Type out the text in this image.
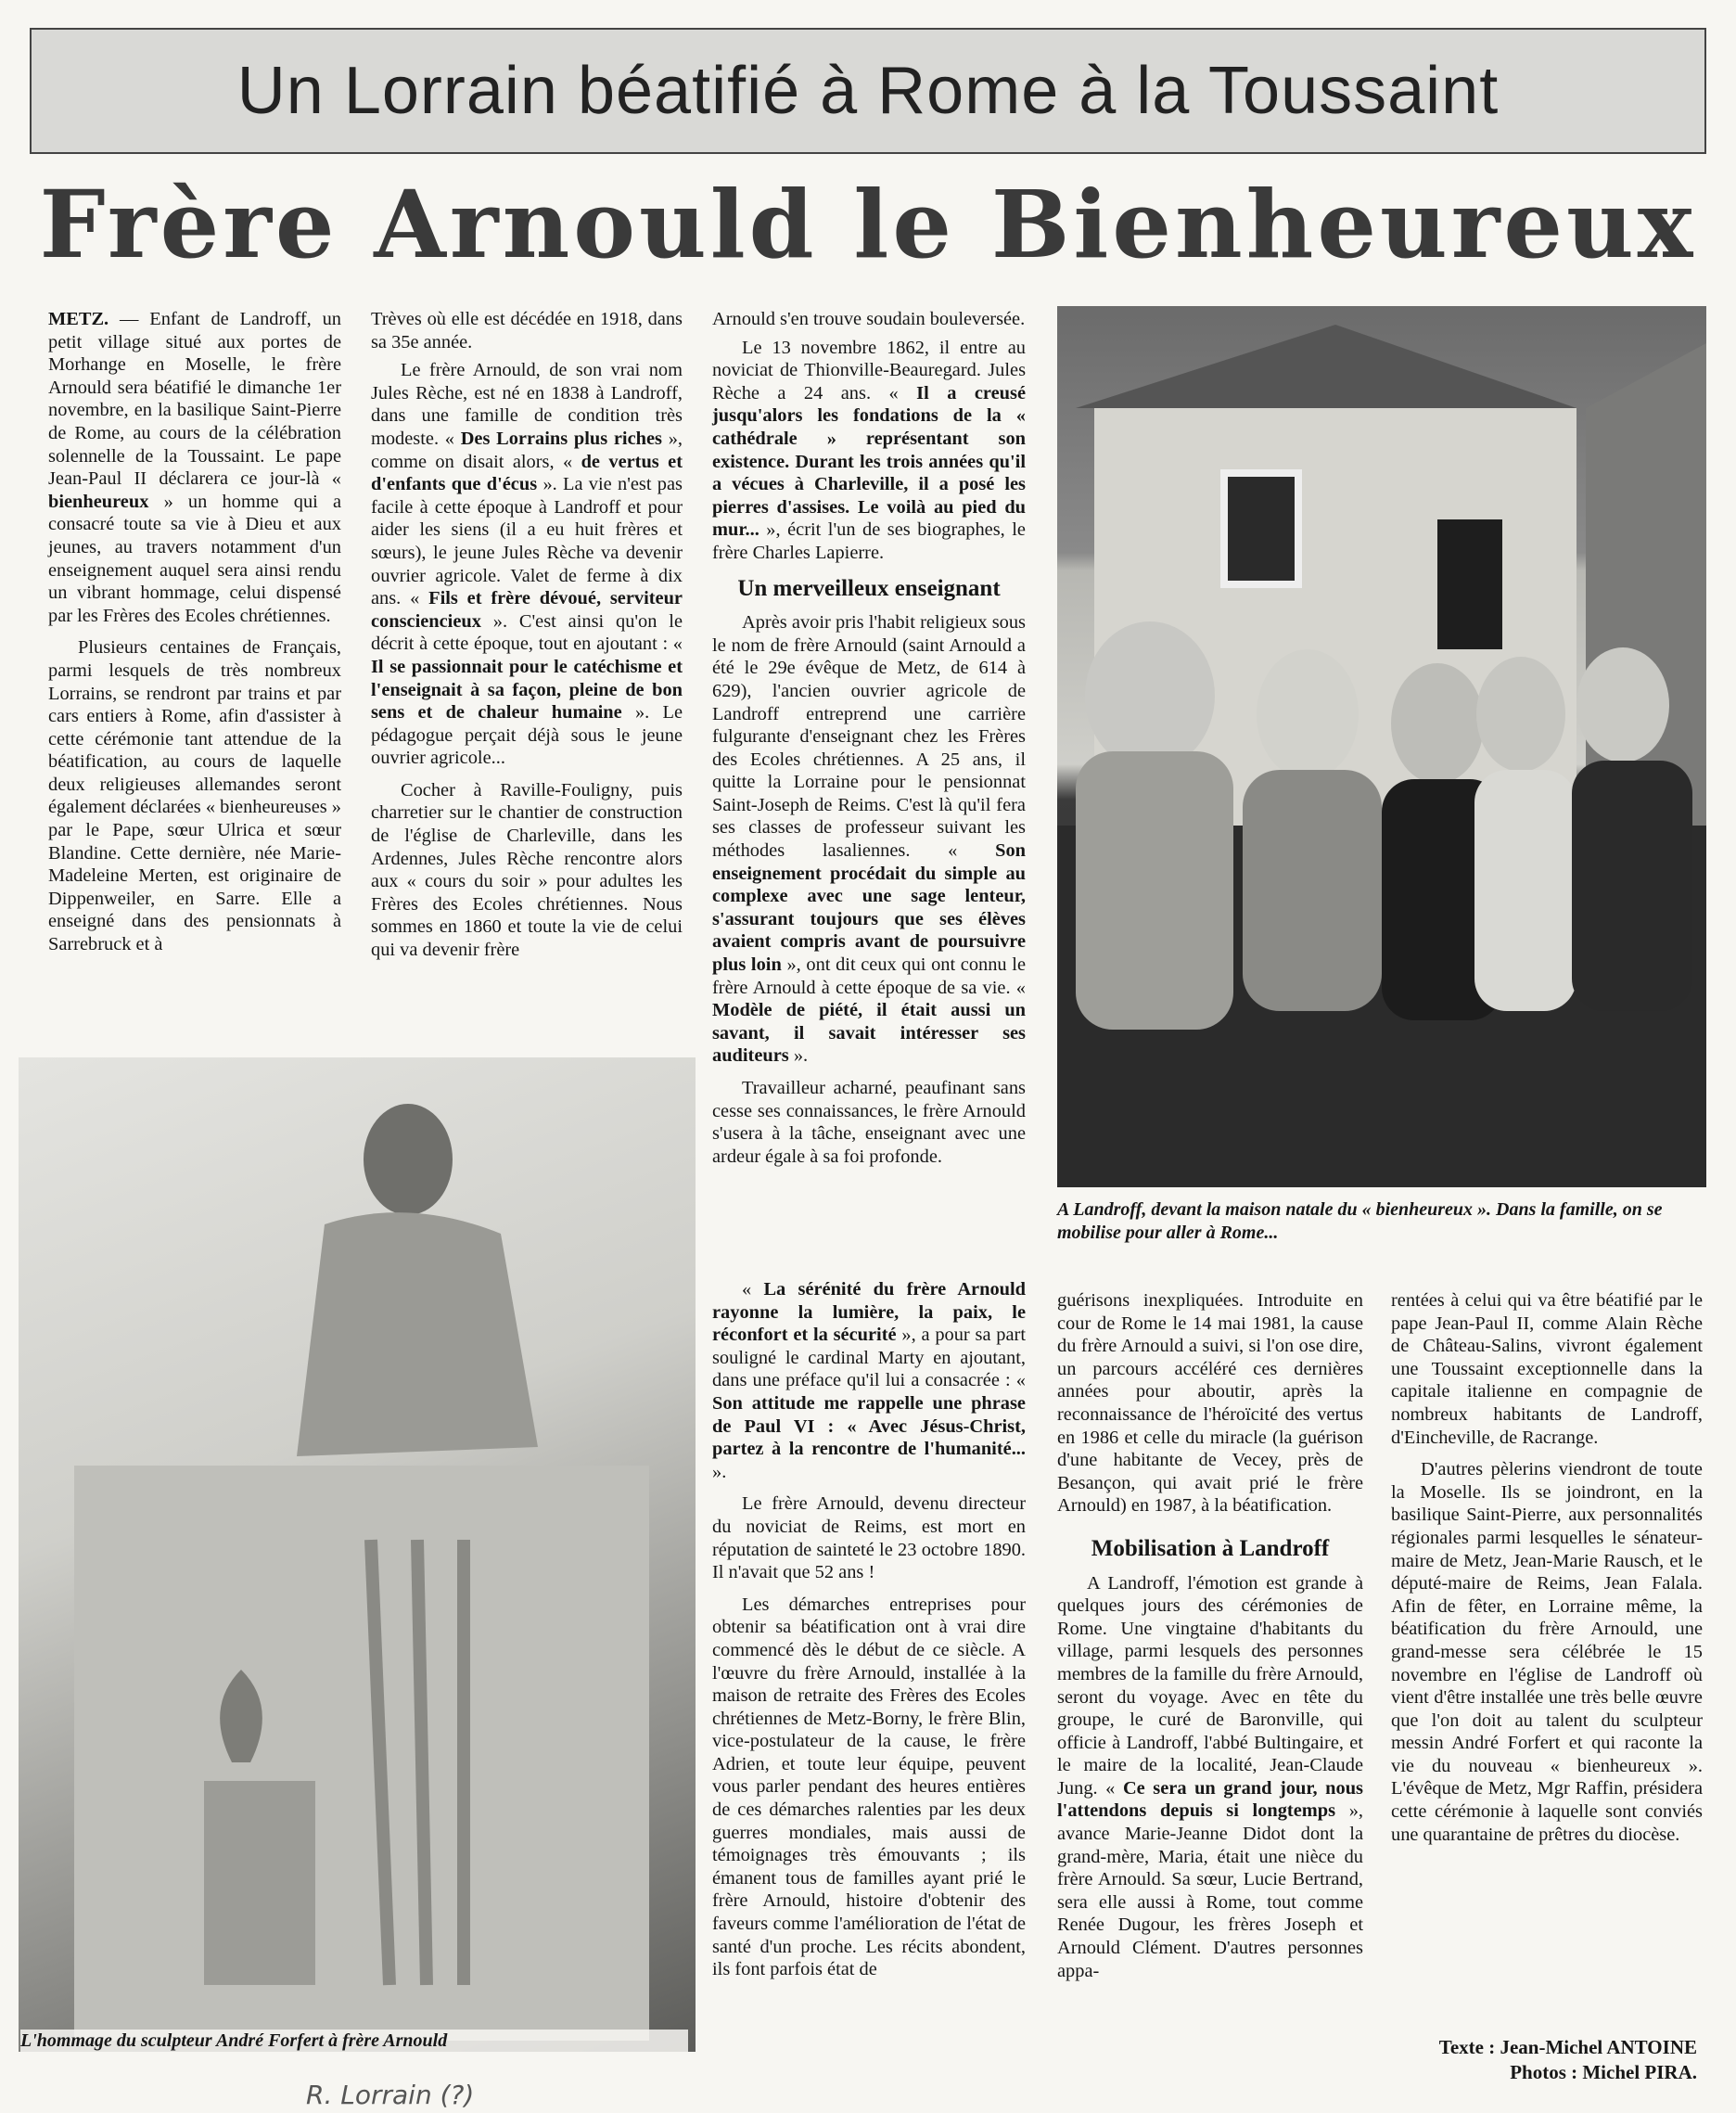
Un Lorrain béatifié à Rome à la Toussaint
Frère Arnould le Bienheureux

METZ. — Enfant de Landroff, un petit village situé aux portes de Morhange en Moselle, le frère Arnould sera béatifié le dimanche 1er novembre, en la basilique Saint-Pierre de Rome, au cours de la célébration solennelle de la Toussaint. Le pape Jean-Paul II déclarera ce jour-là « bienheureux » un homme qui a consacré toute sa vie à Dieu et aux jeunes, au travers notamment d'un enseignement auquel sera ainsi rendu un vibrant hommage, celui dispensé par les Frères des Ecoles chrétiennes.

Plusieurs centaines de Français, parmi lesquels de très nombreux Lorrains, se rendront par trains et par cars entiers à Rome, afin d'assister à cette cérémonie tant attendue de la béatification, au cours de laquelle deux religieuses allemandes seront également déclarées « bienheureuses » par le Pape, sœur Ulrica et sœur Blandine. Cette dernière, née Marie-Madeleine Merten, est originaire de Dippenweiler, en Sarre. Elle a enseigné dans des pensionnats à Sarrebruck et à

Trèves où elle est décédée en 1918, dans sa 35e année.

Le frère Arnould, de son vrai nom Jules Rèche, est né en 1838 à Landroff, dans une famille de condition très modeste. « Des Lorrains plus riches », comme on disait alors, « de vertus et d'enfants que d'écus ». La vie n'est pas facile à cette époque à Landroff et pour aider les siens (il a eu huit frères et sœurs), le jeune Jules Rèche va devenir ouvrier agricole. Valet de ferme à dix ans. « Fils et frère dévoué, serviteur consciencieux ». C'est ainsi qu'on le décrit à cette époque, tout en ajoutant : « Il se passionnait pour le catéchisme et l'enseignait à sa façon, pleine de bon sens et de chaleur humaine ». Le pédagogue perçait déjà sous le jeune ouvrier agricole...

Cocher à Raville-Fouligny, puis charretier sur le chantier de construction de l'église de Charleville, dans les Ardennes, Jules Rèche rencontre alors aux « cours du soir » pour adultes les Frères des Ecoles chrétiennes. Nous sommes en 1860 et toute la vie de celui qui va devenir frère

Arnould s'en trouve soudain bouleversée.

Le 13 novembre 1862, il entre au noviciat de Thionville-Beauregard. Jules Rèche a 24 ans. « Il a creusé jusqu'alors les fondations de la « cathédrale » représentant son existence. Durant les trois années qu'il a vécues à Charleville, il a posé les pierres d'assises. Le voilà au pied du mur... », écrit l'un de ses biographes, le frère Charles Lapierre.

Un merveilleux enseignant

Après avoir pris l'habit religieux sous le nom de frère Arnould (saint Arnould a été le 29e évêque de Metz, de 614 à 629), l'ancien ouvrier agricole de Landroff entreprend une carrière fulgurante d'enseignant chez les Frères des Ecoles chrétiennes. A 25 ans, il quitte la Lorraine pour le pensionnat Saint-Joseph de Reims. C'est là qu'il fera ses classes de professeur suivant les méthodes lasaliennes. « Son enseignement procédait du simple au complexe avec une sage lenteur, s'assurant toujours que ses élèves avaient compris avant de poursuivre plus loin », ont dit ceux qui ont connu le frère Arnould à cette époque de sa vie. « Modèle de piété, il était aussi un savant, il savait intéresser ses auditeurs ».

Travailleur acharné, peaufinant sans cesse ses connaissances, le frère Arnould s'usera à la tâche, enseignant avec une ardeur égale à sa foi profonde.

« La sérénité du frère Arnould rayonne la lumière, la paix, le réconfort et la sécurité », a pour sa part souligné le cardinal Marty en ajoutant, dans une préface qu'il lui a consacrée : « Son attitude me rappelle une phrase de Paul VI : « Avec Jésus-Christ, partez à la rencontre de l'humanité... ».

Le frère Arnould, devenu directeur du noviciat de Reims, est mort en réputation de sainteté le 23 octobre 1890. Il n'avait que 52 ans !

Les démarches entreprises pour obtenir sa béatification ont à vrai dire commencé dès le début de ce siècle. A l'œuvre du frère Arnould, installée à la maison de retraite des Frères des Ecoles chrétiennes de Metz-Borny, le frère Blin, vice-postulateur de la cause, le frère Adrien, et toute leur équipe, peuvent vous parler pendant des heures entières de ces démarches ralenties par les deux guerres mondiales, mais aussi de témoignages très émouvants ; ils émanent tous de familles ayant prié le frère Arnould, histoire d'obtenir des faveurs comme l'amélioration de l'état de santé d'un proche. Les récits abondent, ils font parfois état de

guérisons inexpliquées. Introduite en cour de Rome le 14 mai 1981, la cause du frère Arnould a suivi, si l'on ose dire, un parcours accéléré ces dernières années pour aboutir, après la reconnaissance de l'héroïcité des vertus en 1986 et celle du miracle (la guérison d'une habitante de Vecey, près de Besançon, qui avait prié le frère Arnould) en 1987, à la béatification.

Mobilisation à Landroff

A Landroff, l'émotion est grande à quelques jours des cérémonies de Rome. Une vingtaine d'habitants du village, parmi lesquels des personnes membres de la famille du frère Arnould, seront du voyage. Avec en tête du groupe, le curé de Baronville, qui officie à Landroff, l'abbé Bultingaire, et le maire de la localité, Jean-Claude Jung. « Ce sera un grand jour, nous l'attendons depuis si longtemps », avance Marie-Jeanne Didot dont la grand-mère, Maria, était une nièce du frère Arnould. Sa sœur, Lucie Bertrand, sera elle aussi à Rome, tout comme Renée Dugour, les frères Joseph et Arnould Clément. D'autres personnes appa-

rentées à celui qui va être béatifié par le pape Jean-Paul II, comme Alain Rèche de Château-Salins, vivront également une Toussaint exceptionnelle dans la capitale italienne en compagnie de nombreux habitants de Landroff, d'Eincheville, de Racrange.

D'autres pèlerins viendront de toute la Moselle. Ils se joindront, en la basilique Saint-Pierre, aux personnalités régionales parmi lesquelles le sénateur-maire de Metz, Jean-Marie Rausch, et le député-maire de Reims, Jean Falala. Afin de fêter, en Lorraine même, la béatification du frère Arnould, une grand-messe sera célébrée le 15 novembre en l'église de Landroff où vient d'être installée une très belle œuvre que l'on doit au talent du sculpteur messin André Forfert et qui raconte la vie du nouveau « bienheureux ». L'évêque de Metz, Mgr Raffin, présidera cette cérémonie à laquelle sont conviés une quarantaine de prêtres du diocèse.

A Landroff, devant la maison natale du « bienheureux ». Dans la famille, on se mobilise pour aller à Rome...
L'hommage du sculpteur André Forfert à frère Arnould	Texte : Jean-Michel ANTOINE
Photos : Michel PIRA.
R. Lorrain (?)
